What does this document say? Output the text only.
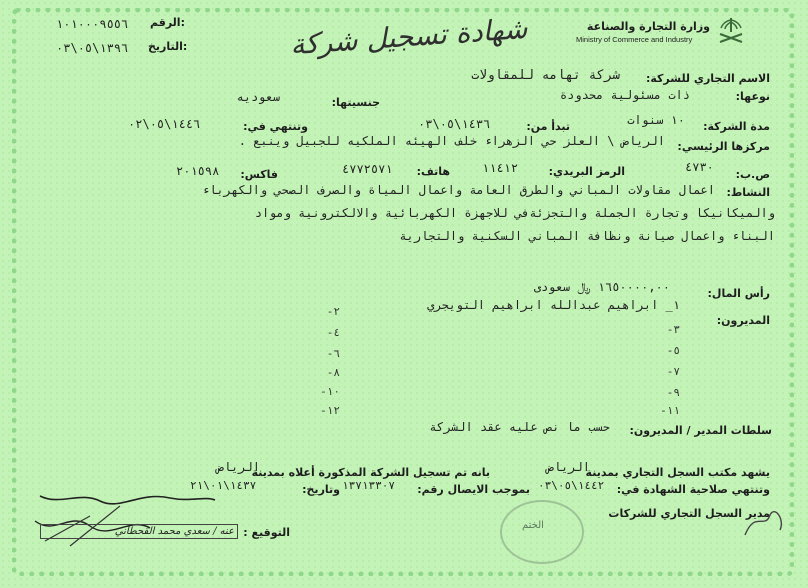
الرقم:
١٠١٠٠٠٩٥٥٦
التاريخ:
١٣٩٦\٠٥\٠٣	شهادة تسجيل شركة	وزارة التجارة والصناعة
Ministry of Commerce and Industry
الاسم التجاري للشركة:
شركة تهامه للمقاولات
نوعها:
ذات مسئولية محدودة
جنسيتها:
سعوديه
مدة الشركة:
١٠ سنوات
تبدأ من:
١٤٣٦\٠٥\٠٣
وتنتهي في:
١٤٤٦\٠٥\٠٢
مركزها الرئيسي:
الرياض \ العلز حي الزهراء خلف الهيئه الملكيه للجبيل وينبع .
ص.ب:
٤٧٣٠
الرمز البريدي:
١١٤١٢
هاتف:
٤٧٧٢٥٧١
فاكس:
٢٠١٥٩٨
النشاط:
اعمال مقاولات المباني والطرق العامة واعمال المياة والصرف الصحي والكهرباء
والميكانيكا وتجارة الجملة والتجزئةفي للاجهزة الكهربائية والالكترونية ومواد
البناء واعمال صيانة ونظافة المباني السكنية والتجارية
رأس المال:
١٦٥٠٠٠٠,٠٠ ﷼ سعودى
المديرون:
١_ ابراهيم عبدالله ابراهيم التويجري
٣-
٥-
٧-
٩-
١١-
٢-
٤-
٦-
٨-
١٠-
١٢-
سلطات المدير / المديرون:
حسب ما نص عليه عقد الشركة
يشهد مكتب السجل التجاري بمدينة
الرياض
بانه تم تسجيل الشركة المذكورة أعلاه بمدينة
الرياض
وتنتهي صلاحية الشهادة في:
١٤٤٢\٠٥\٠٣
بموجب الايصال رقم:
١٣٧١٣٣٠٧
وتاريخ:
١٤٣٧\٠١\٢١
مدير السجل التجاري للشركات
التوقيع :
الختم
عنه / سعدي محمد القحطاني
